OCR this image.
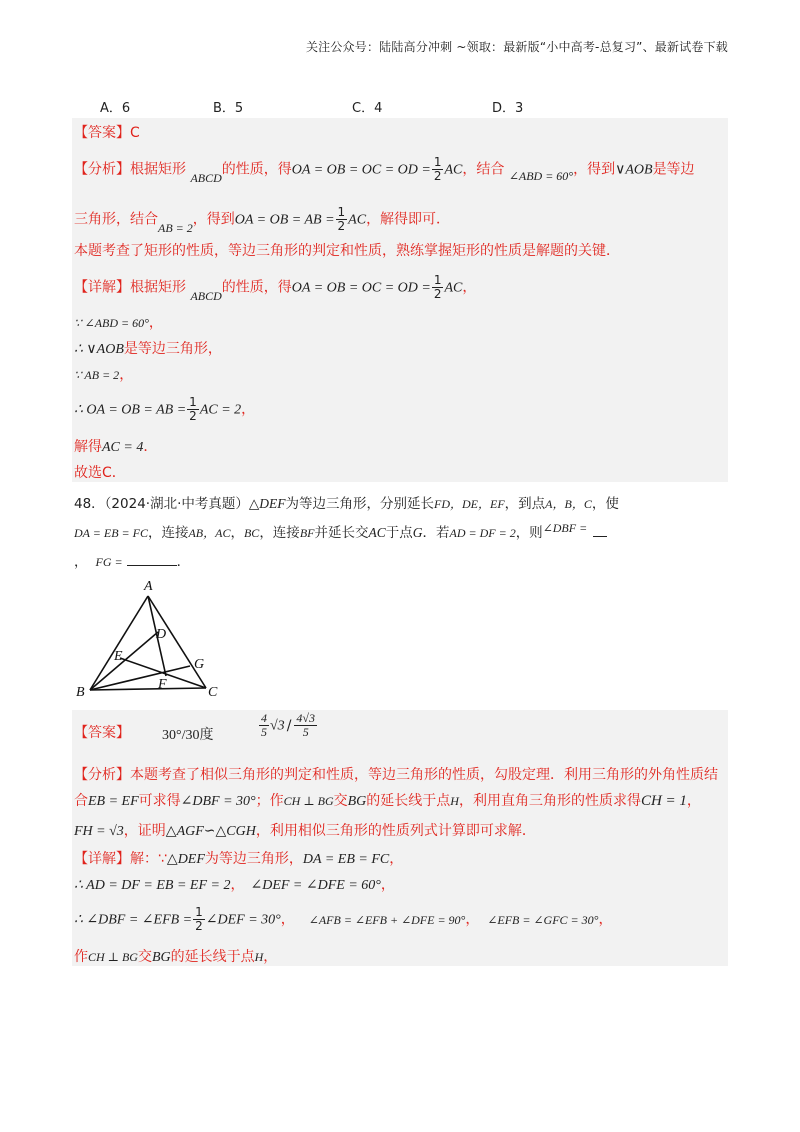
关注公众号：陆陆高分冲刺 ~领取：最新版“小中高考-总复习”、最新试卷下载
A．6	B．5	C．4	D．3
【答案】C
【分析】根据矩形 ABCD的性质，得OA = OB = OC = OD = $\frac{1}{2}$ AC，结合 ∠ABD = 60°，得到∨AOB是等边
三角形，结合AB = 2，得到OA = OB = AB = $\frac{1}{2}$ AC，解得即可．
本题考查了矩形的性质，等边三角形的判定和性质，熟练掌握矩形的性质是解题的关键．
【详解】根据矩形 ABCD的性质，得OA = OB = OC = OD = $\frac{1}{2}$ AC，
∵ ∠ABD = 60°，
∴ ∨AOB是等边三角形，
∵ AB = 2，
∴ OA = OB = AB = $\frac{1}{2}$ AC = 2，
解得AC = 4．
故选C．
48．（2024·湖北·中考真题）△DEF为等边三角形，分别延长FD，DE，EF，到点A，B，C，使
DA = EB = FC，连接AB，AC，BC，连接BF并延长交AC于点G．若AD = DF = 2，则∠DBF =
， FG =	．
A
B	C
D
E
F
G
【答案】 30°/30度	$\frac{4}{5} √3 / \frac{4√3}{5}$
【分析】本题考查了相似三角形的判定和性质，等边三角形的性质，勾股定理．利用三角形的外角性质结
合EB = EF可求得∠DBF = 30°；作CH ⊥ BG交BG的延长线于点H，利用直角三角形的性质求得CH = 1，
FH = √3，证明△AGF∽△CGH，利用相似三角形的性质列式计算即可求解．
【详解】解：∵△DEF为等边三角形，DA = EB = FC，
∴ AD = DF = EB = EF = 2， ∠DEF = ∠DFE = 60°，
∴ ∠DBF = ∠EFB = $\frac{1}{2}$ ∠DEF = 30°， ∠AFB = ∠EFB + ∠DFE = 90°， ∠EFB = ∠GFC = 30°，
作CH ⊥ BG交BG的延长线于点H，
